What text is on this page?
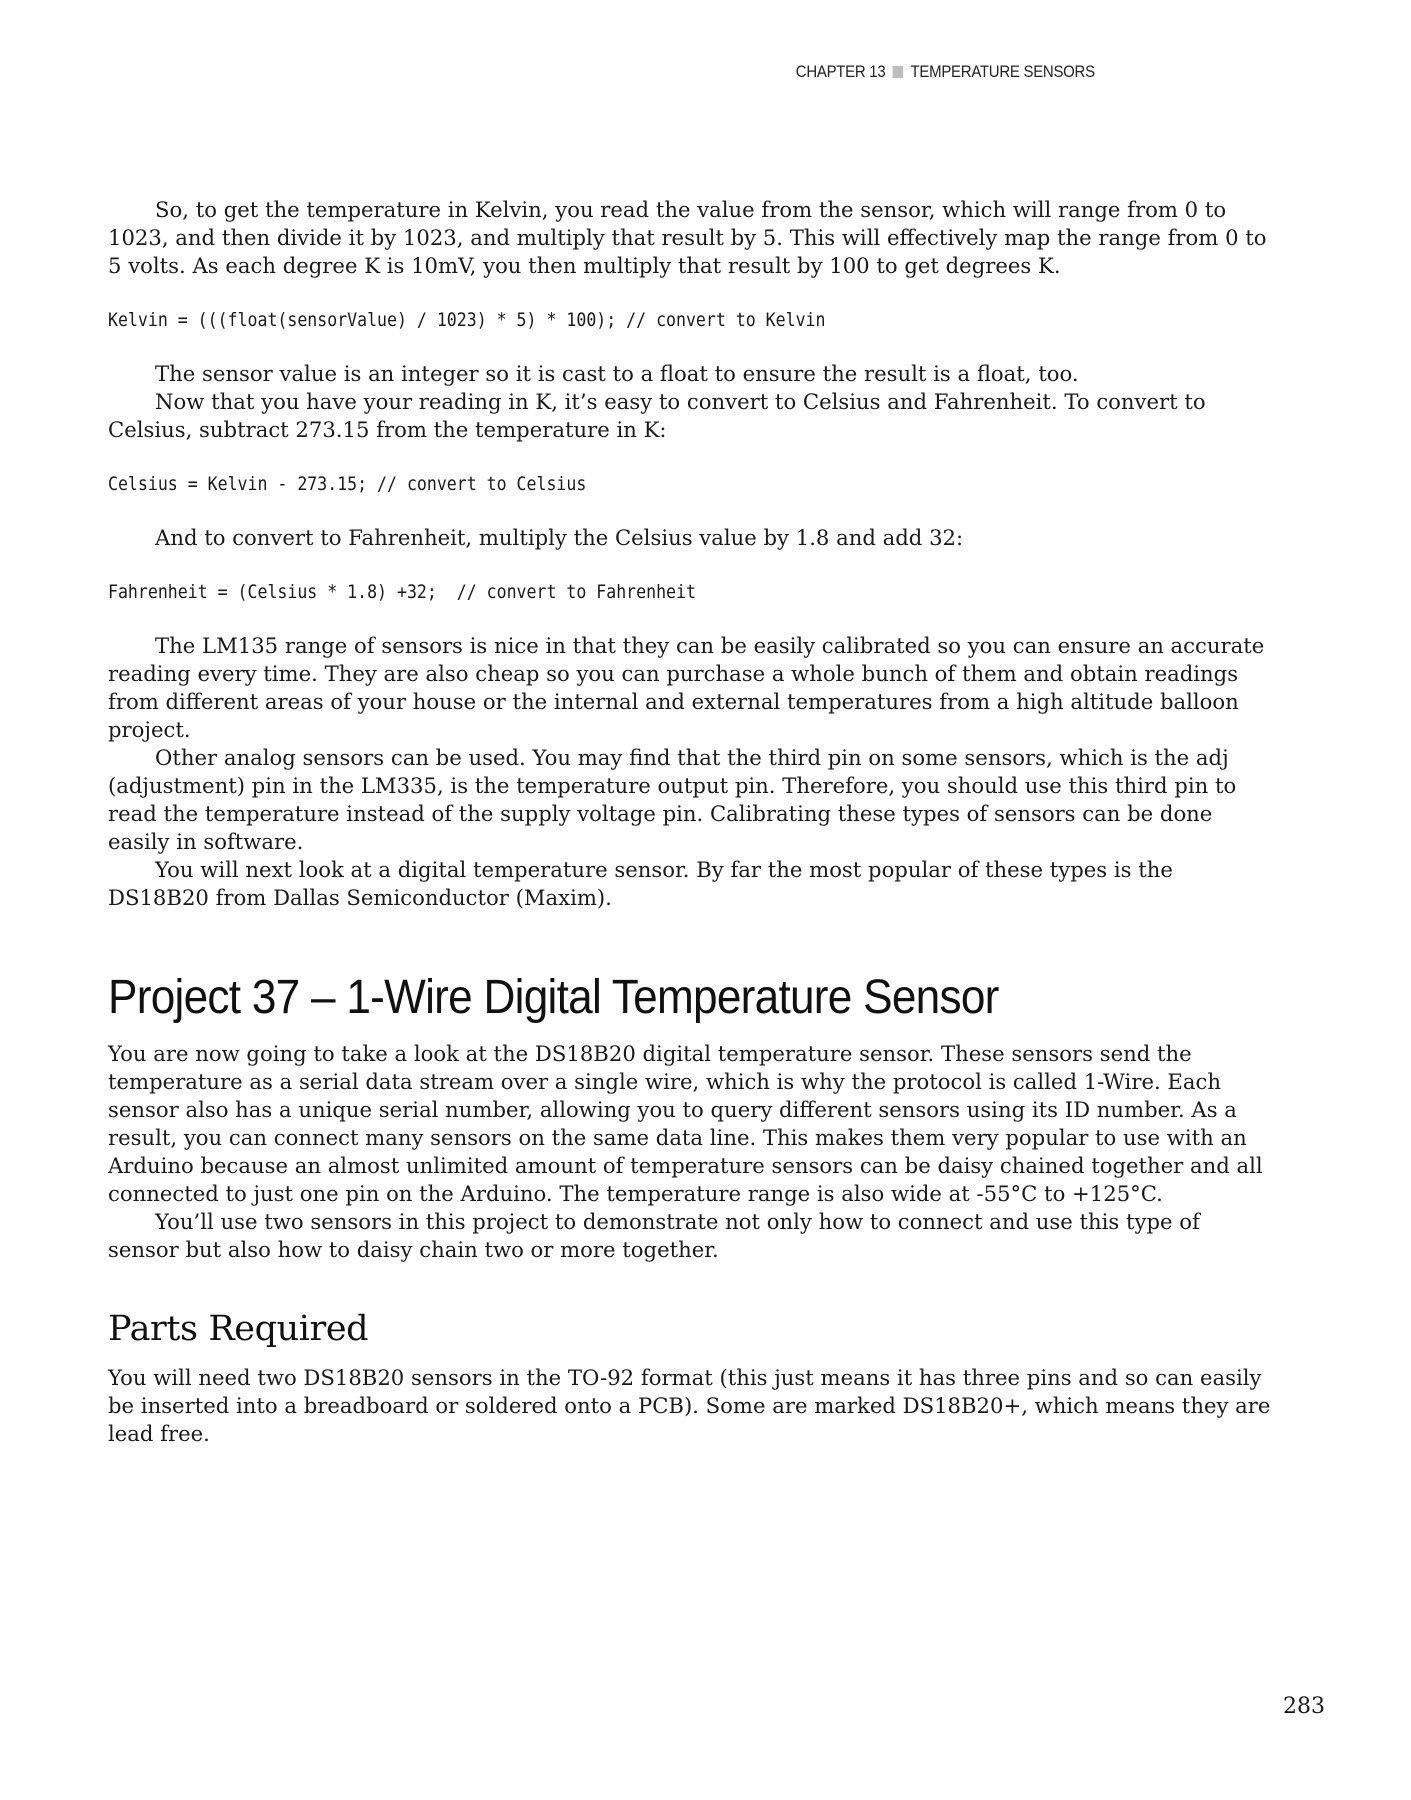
CHAPTER 13 TEMPERATURE SENSORS

So, to get the temperature in Kelvin, you read the value from the sensor, which will range from 0 to 1023, and then divide it by 1023, and multiply that result by 5. This will effectively map the range from 0 to 5 volts. As each degree K is 10mV, you then multiply that result by 100 to get degrees K.

Kelvin = (((float(sensorValue) / 1023) * 5) * 100); // convert to Kelvin

The sensor value is an integer so it is cast to a float to ensure the result is a float, too.

Now that you have your reading in K, it’s easy to convert to Celsius and Fahrenheit. To convert to Celsius, subtract 273.15 from the temperature in K:

Celsius = Kelvin - 273.15; // convert to Celsius

And to convert to Fahrenheit, multiply the Celsius value by 1.8 and add 32:

Fahrenheit = (Celsius * 1.8) +32;  // convert to Fahrenheit

The LM135 range of sensors is nice in that they can be easily calibrated so you can ensure an accurate reading every time. They are also cheap so you can purchase a whole bunch of them and obtain readings from different areas of your house or the internal and external temperatures from a high altitude balloon project.

Other analog sensors can be used. You may find that the third pin on some sensors, which is the adj (adjustment) pin in the LM335, is the temperature output pin. Therefore, you should use this third pin to read the temperature instead of the supply voltage pin. Calibrating these types of sensors can be done easily in software.

You will next look at a digital temperature sensor. By far the most popular of these types is the DS18B20 from Dallas Semiconductor (Maxim).

Project 37 – 1-Wire Digital Temperature Sensor

You are now going to take a look at the DS18B20 digital temperature sensor. These sensors send the temperature as a serial data stream over a single wire, which is why the protocol is called 1-Wire. Each sensor also has a unique serial number, allowing you to query different sensors using its ID number. As a result, you can connect many sensors on the same data line. This makes them very popular to use with an Arduino because an almost unlimited amount of temperature sensors can be daisy chained together and all connected to just one pin on the Arduino. The temperature range is also wide at -55°C to +125°C.

You’ll use two sensors in this project to demonstrate not only how to connect and use this type of sensor but also how to daisy chain two or more together.

Parts Required

You will need two DS18B20 sensors in the TO-92 format (this just means it has three pins and so can easily be inserted into a breadboard or soldered onto a PCB). Some are marked DS18B20+, which means they are lead free.

283
